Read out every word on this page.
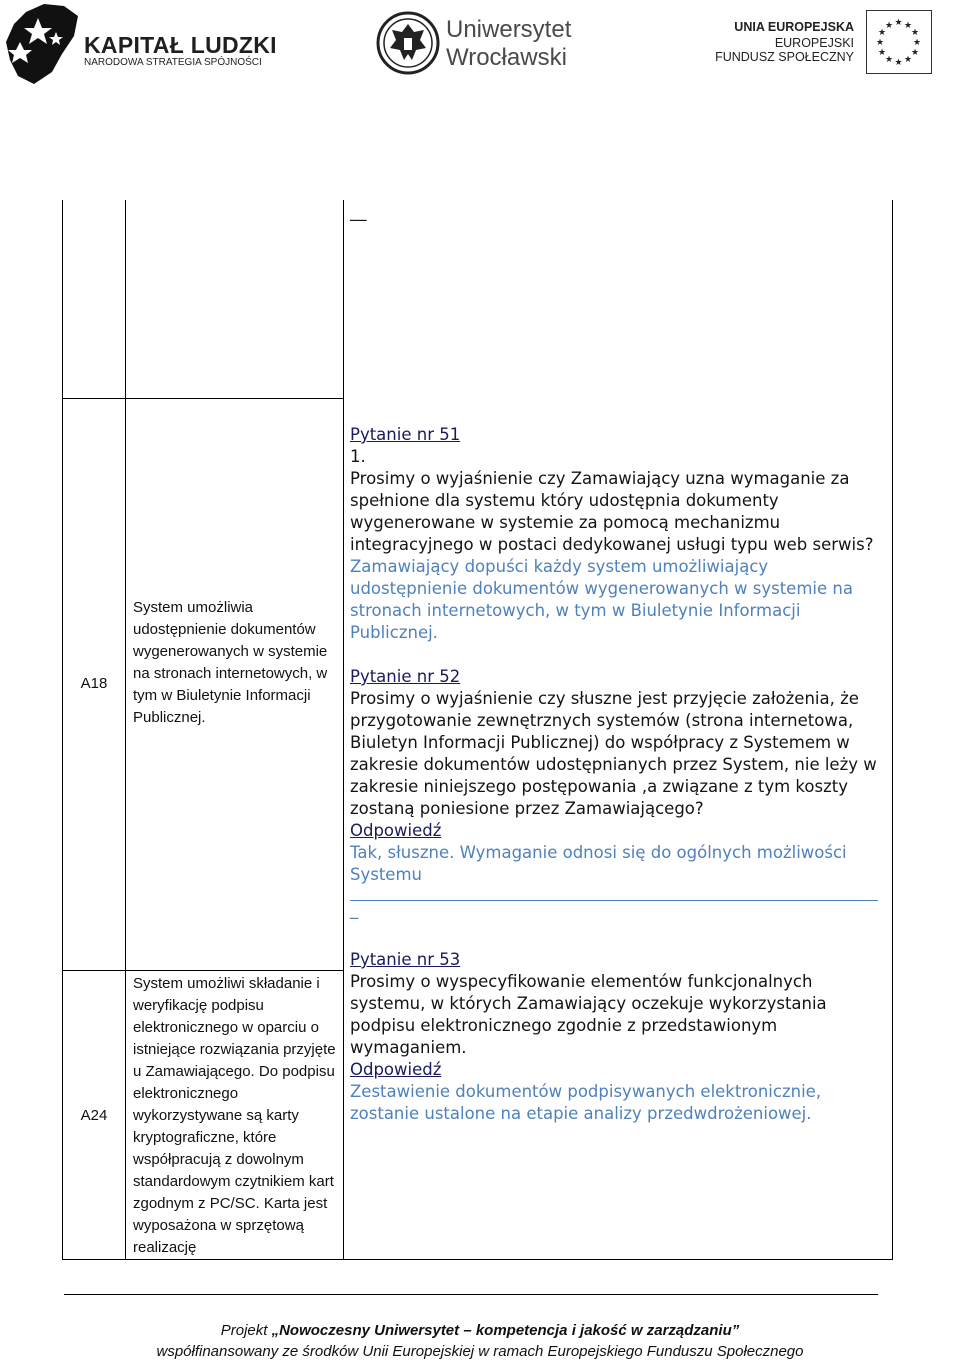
KAPITAŁ LUDZKI
NARODOWA STRATEGIA SPÓJNOŚCI
Uniwersytet
Wrocławski
UNIA EUROPEJSKA
EUROPEJSKI
FUNDUSZ SPOŁECZNY
★ ★
★
★
★
★
★
★
★
★
★
★
__
A18
System umożliwia udostępnienie dokumentów wygenerowanych w systemie na stronach internetowych, w tym w Biuletynie Informacji Publicznej.
A24
System umożliwi składanie i weryfikację podpisu elektronicznego w oparciu o istniejące rozwiązania przyjęte u Zamawiającego. Do podpisu elektronicznego wykorzystywane są karty kryptograficzne, które współpracują z dowolnym standardowym czytnikiem kart zgodnym z PC/SC. Karta jest wyposażona w sprzętową realizację
Pytanie nr 51
1.
Prosimy o wyjaśnienie czy Zamawiający uzna wymaganie za spełnione dla systemu który udostępnia dokumenty wygenerowane w systemie za pomocą mechanizmu integracyjnego w postaci dedykowanej usługi typu web serwis?
Zamawiający dopuści każdy system umożliwiający udostępnienie dokumentów wygenerowanych w systemie na stronach internetowych, w tym w Biuletynie Informacji Publicznej.
Pytanie nr 52
Prosimy o wyjaśnienie czy słuszne jest przyjęcie założenia, że przygotowanie zewnętrznych systemów (strona internetowa, Biuletyn Informacji Publicznej) do współpracy z Systemem w zakresie dokumentów udostępnianych przez System, nie leży w zakresie niniejszego postępowania ,a związane z tym koszty zostaną poniesione przez Zamawiającego?
Odpowiedź
Tak, słuszne. Wymaganie odnosi się do ogólnych możliwości Systemu
_
Pytanie nr 53
Prosimy o wyspecyfikowanie elementów funkcjonalnych systemu, w których Zamawiający oczekuje wykorzystania podpisu elektronicznego zgodnie z przedstawionym wymaganiem.
Odpowiedź
Zestawienie dokumentów podpisywanych elektronicznie, zostanie ustalone na etapie analizy przedwdrożeniowej.
Projekt „Nowoczesny Uniwersytet – kompetencja i jakość w zarządzaniu”
współfinansowany ze środków Unii Europejskiej w ramach Europejskiego Funduszu Społecznego
